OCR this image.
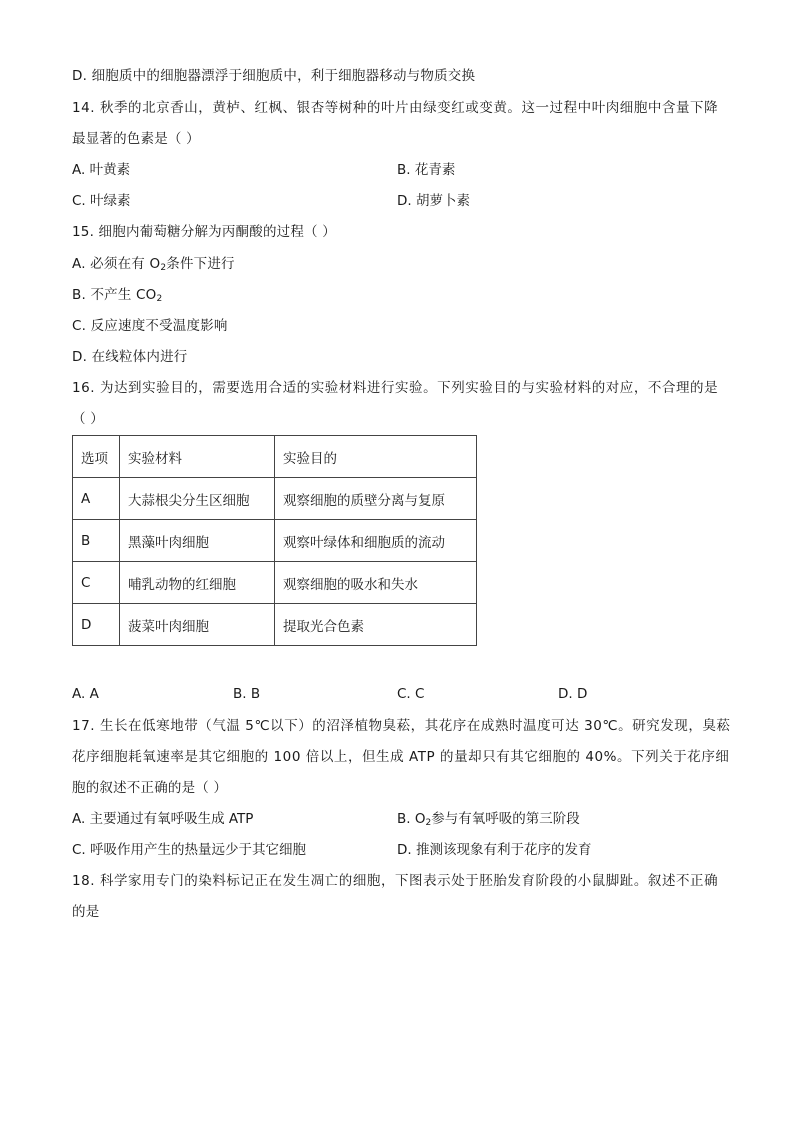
D. 细胞质中的细胞器漂浮于细胞质中，利于细胞器移动与物质交换
14. 秋季的北京香山，黄栌、红枫、银杏等树种的叶片由绿变红或变黄。这一过程中叶肉细胞中含量下降
最显著的色素是（ ）
A. 叶黄素	B. 花青素
C. 叶绿素	D. 胡萝卜素
15. 细胞内葡萄糖分解为丙酮酸的过程（ ）
A. 必须在有 $O_2$条件下进行
B. 不产生 $CO_2$
C. 反应速度不受温度影响
D. 在线粒体内进行
16. 为达到实验目的，需要选用合适的实验材料进行实验。下列实验目的与实验材料的对应，不合理的是
（ ）
选项	实验材料	实验目的
A	大蒜根尖分生区细胞	观察细胞的质壁分离与复原
B	黑藻叶肉细胞	观察叶绿体和细胞质的流动
C	哺乳动物的红细胞	观察细胞的吸水和失水
D	菠菜叶肉细胞	提取光合色素
A. A	B. B	C. C	D. D
17. 生长在低寒地带（气温 5℃以下）的沼泽植物臭菘，其花序在成熟时温度可达 30℃。研究发现，臭菘
花序细胞耗氧速率是其它细胞的 100 倍以上，但生成 ATP 的量却只有其它细胞的 40%。下列关于花序细
胞的叙述不正确的是（ ）
A. 主要通过有氧呼吸生成 ATP	B. $O_2$参与有氧呼吸的第三阶段
C. 呼吸作用产生的热量远少于其它细胞	D. 推测该现象有利于花序的发育
18. 科学家用专门的染料标记正在发生凋亡的细胞，下图表示处于胚胎发育阶段的小鼠脚趾。叙述不正确
的是
